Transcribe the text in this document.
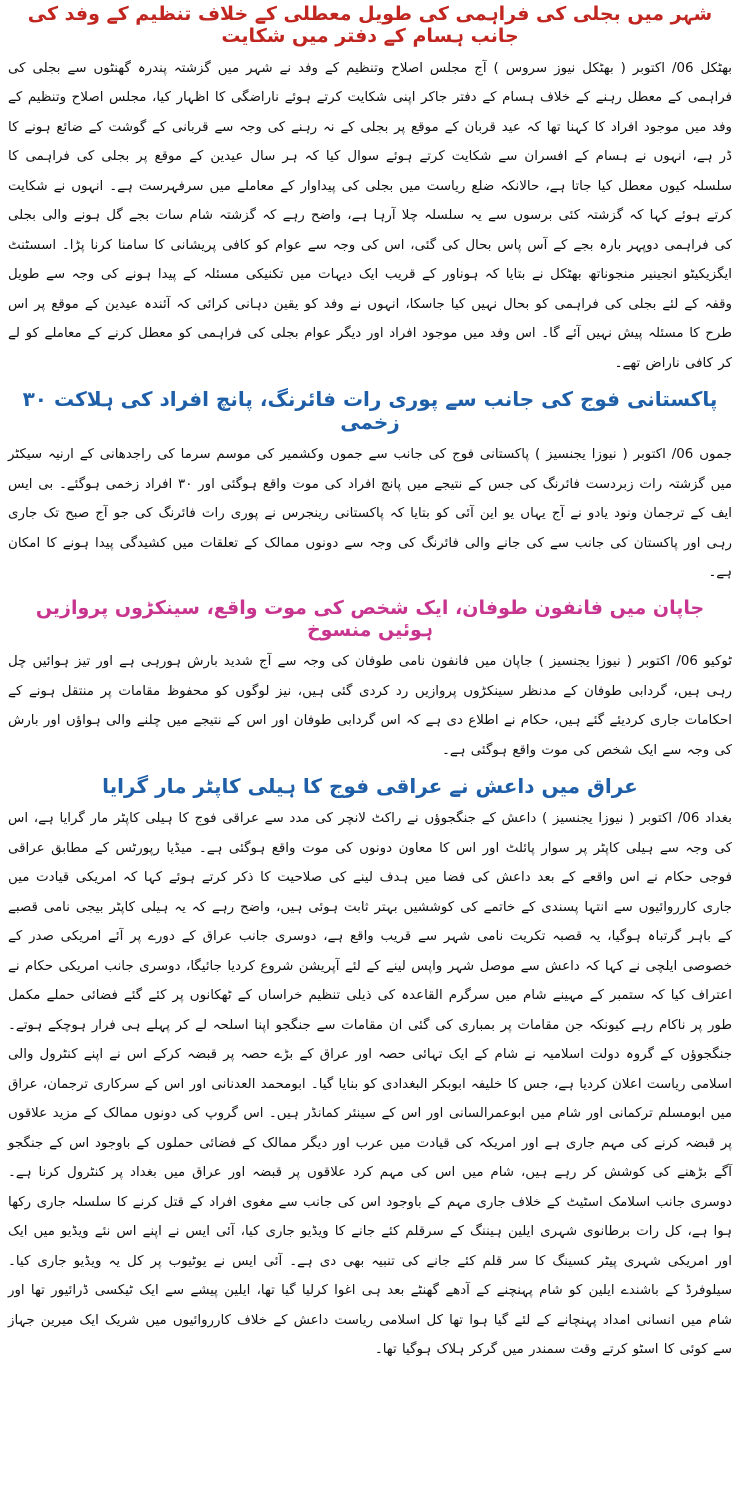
شہر میں بجلی کی فراہمی کی طویل معطلی کے خلاف تنظیم کے وفد کی جانب ہسام کے دفتر میں شکایت

بھٹکل 06/ اکتوبر ( بھٹکل نیوز سروس ) آج مجلس اصلاح وتنظیم کے وفد نے شہر میں گزشتہ پندرہ گھنٹوں سے بجلی کی فراہمی کے معطل رہنے کے خلاف ہسام کے دفتر جاکر اپنی شکایت کرتے ہوئے ناراضگی کا اظہار کیا، مجلس اصلاح وتنظیم کے وفد میں موجود افراد کا کہنا تھا کہ عید قربان کے موقع پر بجلی کے نہ رہنے کی وجہ سے قربانی کے گوشت کے ضائع ہونے کا ڈر ہے، انہوں نے ہسام کے افسران سے شکایت کرتے ہوئے سوال کیا کہ ہر سال عیدین کے موقع پر بجلی کی فراہمی کا سلسلہ کیوں معطل کیا جاتا ہے، حالانکہ ضلع ریاست میں بجلی کی پیداوار کے معاملے میں سرفہرست ہے۔ انہوں نے شکایت کرتے ہوئے کہا کہ گزشتہ کئی برسوں سے یہ سلسلہ چلا آرہا ہے، واضح رہے کہ گزشتہ شام سات بجے گل ہونے والی بجلی کی فراہمی دوپہر بارہ بجے کے آس پاس بحال کی گئی، اس کی وجہ سے عوام کو کافی پریشانی کا سامنا کرنا پڑا۔ اسسٹنٹ ایگزیکیٹو انجینیر منجوناتھ بھٹکل نے بتایا کہ ہوناور کے قریب ایک دیہات میں تکنیکی مسئلہ کے پیدا ہونے کی وجہ سے طویل وقفہ کے لئے بجلی کی فراہمی کو بحال نہیں کیا جاسکا، انہوں نے وفد کو یقین دہانی کرائی کہ آئندہ عیدین کے موقع پر اس طرح کا مسئلہ پیش نہیں آئے گا۔ اس وفد میں موجود افراد اور دیگر عوام بجلی کی فراہمی کو معطل کرنے کے معاملے کو لے کر کافی ناراض تھے۔

پاکستانی فوج کی جانب سے پوری رات فائرنگ، پانچ افراد کی ہلاکت ۳۰ زخمی

جموں 06/ اکتوبر ( نیوزا یجنسیز ) پاکستانی فوج کی جانب سے جموں وکشمیر کی موسم سرما کی راجدھانی کے ارنیہ سیکٹر میں گزشتہ رات زبردست فائرنگ کی جس کے نتیجے میں پانچ افراد کی موت واقع ہوگئی اور ۳۰ افراد زخمی ہوگئے۔ بی ایس ایف کے ترجمان ونود یادو نے آج یہاں یو این آئی کو بتایا کہ پاکستانی رینجرس نے پوری رات فائرنگ کی جو آج صبح تک جاری رہی اور پاکستان کی جانب سے کی جانے والی فائرنگ کی وجہ سے دونوں ممالک کے تعلقات میں کشیدگی پیدا ہونے کا امکان ہے۔

جاپان میں فانفون طوفان، ایک شخص کی موت واقع، سینکڑوں پروازیں ہوئیں منسوخ

ٹوکیو 06/ اکتوبر ( نیوزا یجنسیز ) جاپان میں فانفون نامی طوفان کی وجہ سے آج شدید بارش ہورہی ہے اور تیز ہوائیں چل رہی ہیں، گردابی طوفان کے مدنظر سینکڑوں پروازیں رد کردی گئی ہیں، نیز لوگوں کو محفوظ مقامات پر منتقل ہونے کے احکامات جاری کردیئے گئے ہیں، حکام نے اطلاع دی ہے کہ اس گردابی طوفان اور اس کے نتیجے میں چلنے والی ہواؤں اور بارش کی وجہ سے ایک شخص کی موت واقع ہوگئی ہے۔

عراق میں داعش نے عراقی فوج کا ہیلی کاپٹر مار گرایا

بغداد 06/ اکتوبر ( نیوزا یجنسیز ) داعش کے جنگجوؤں نے راکٹ لانچر کی مدد سے عراقی فوج کا ہیلی کاپٹر مار گرایا ہے، اس کی وجہ سے ہیلی کاپٹر پر سوار پائلٹ اور اس کا معاون دونوں کی موت واقع ہوگئی ہے۔ میڈیا رپورٹس کے مطابق عراقی فوجی حکام نے اس واقعے کے بعد داعش کی فضا میں ہدف لینے کی صلاحیت کا ذکر کرتے ہوئے کہا کہ امریکی قیادت میں جاری کارروائیوں سے انتہا پسندی کے خاتمے کی کوششیں بہتر ثابت ہوئی ہیں، واضح رہے کہ یہ ہیلی کاپٹر بیجی نامی قصبے کے باہر گرتباہ ہوگیا، یہ قصبہ تکریت نامی شہر سے قریب واقع ہے، دوسری جانب عراق کے دورے پر آئے امریکی صدر کے خصوصی ایلچی نے کہا کہ داعش سے موصل شہر واپس لینے کے لئے آپریشن شروع کردیا جائیگا، دوسری جانب امریکی حکام نے اعتراف کیا کہ ستمبر کے مہینے شام میں سرگرم القاعدہ کی ذیلی تنظیم خراساں کے ٹھکانوں پر کئے گئے فضائی حملے مکمل طور پر ناکام رہے کیونکہ جن مقامات پر بمباری کی گئی ان مقامات سے جنگجو اپنا اسلحہ لے کر پہلے ہی فرار ہوچکے ہوتے۔ جنگجوؤں کے گروہ دولت اسلامیہ نے شام کے ایک تہائی حصہ اور عراق کے بڑے حصہ پر قبضہ کرکے اس نے اپنے کنٹرول والی اسلامی ریاست اعلان کردیا ہے، جس کا خلیفہ ابوبکر البغدادی کو بنایا گیا۔ ابومحمد العدنانی اور اس کے سرکاری ترجمان، عراق میں ابومسلم ترکمانی اور شام میں ابوعمرالسانی اور اس کے سینئر کمانڈر ہیں۔ اس گروپ کی دونوں ممالک کے مزید علاقوں پر قبضہ کرنے کی مہم جاری ہے اور امریکہ کی قیادت میں عرب اور دیگر ممالک کے فضائی حملوں کے باوجود اس کے جنگجو آگے بڑھنے کی کوشش کر رہے ہیں، شام میں اس کی مہم کرد علاقوں پر قبضہ اور عراق میں بغداد پر کنٹرول کرنا ہے۔ دوسری جانب اسلامک اسٹیٹ کے خلاف جاری مہم کے باوجود اس کی جانب سے مغوی افراد کے قتل کرنے کا سلسلہ جاری رکھا ہوا ہے، کل رات برطانوی شہری ایلین ہیننگ کے سرقلم کئے جانے کا ویڈیو جاری کیا، آئی ایس نے اپنے اس نئے ویڈیو میں ایک اور امریکی شہری پیٹر کسینگ کا سر قلم کئے جانے کی تنبیہ بھی دی ہے۔ آئی ایس نے یوٹیوب پر کل یہ ویڈیو جاری کیا۔ سیلوفرڈ کے باشندے ایلین کو شام پہنچنے کے آدھے گھنٹے بعد ہی اغوا کرلیا گیا تھا، ایلین پیشے سے ایک ٹیکسی ڈرائیور تھا اور شام میں انسانی امداد پہنچانے کے لئے گیا ہوا تھا کل اسلامی ریاست داعش کے خلاف کارروائیوں میں شریک ایک میرین جہاز سے کوئی کا اسٹو کرتے وقت سمندر میں گرکر ہلاک ہوگیا تھا۔
